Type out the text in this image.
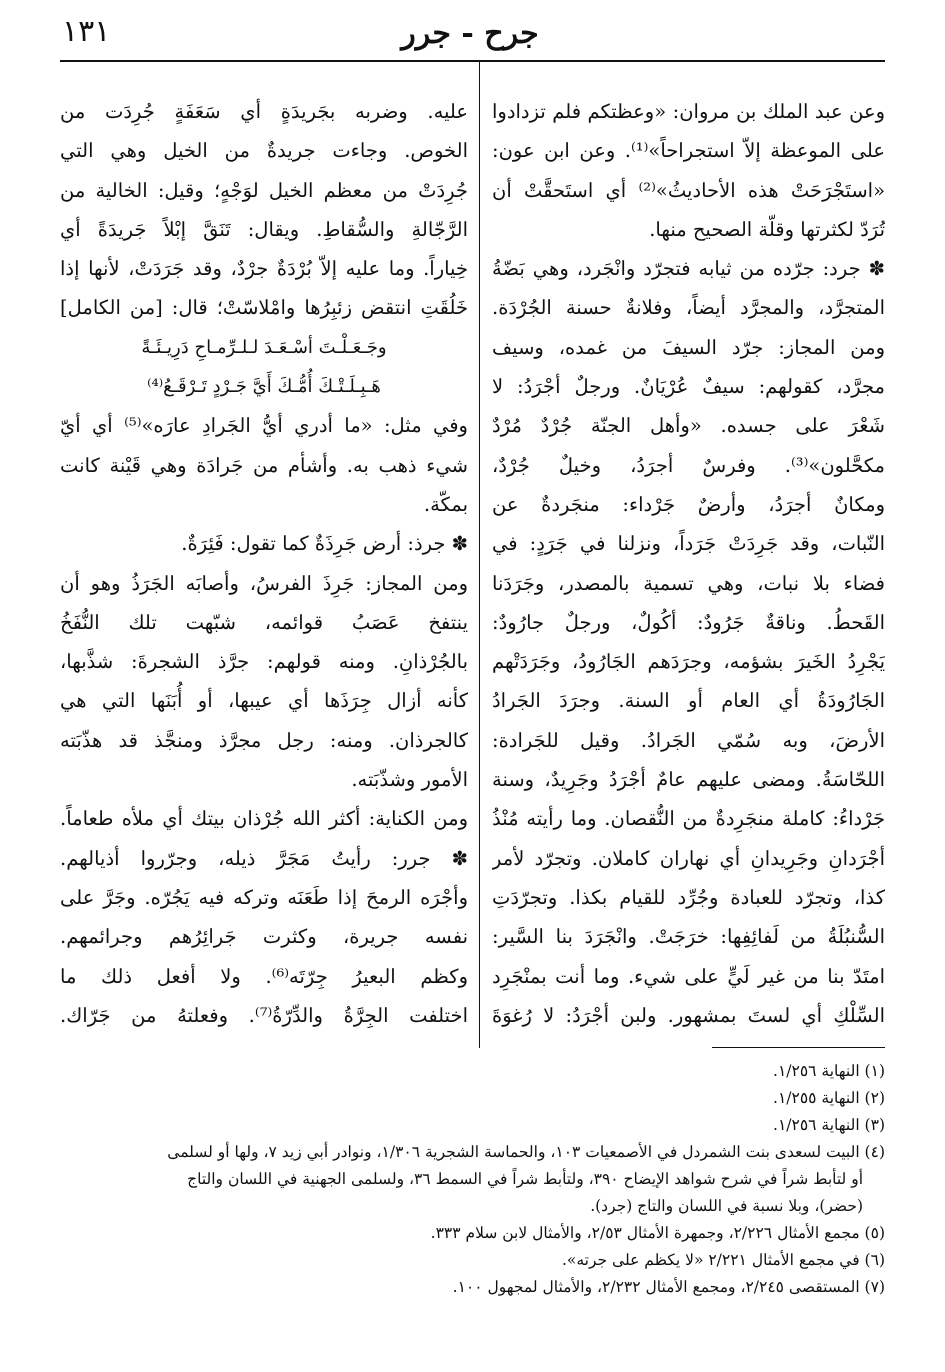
١٣١	جرح - جرر

وعن عبد الملك بن مروان: «وعظتكم فلم تزدادوا

على الموعظة إلاّ استجراحاً»⁽¹⁾. وعن ابن عون:

«استَجْرَحَتْ هذه الأحاديثُ»⁽²⁾ أي استَحقَّتْ أن

تُرَدّ لكثرتها وقلّة الصحيح منها.

✽ جرد: جرّده من ثيابه فتجرّد وانْجَرد، وهي بَضّةُ

المتجرَّد، والمجرَّد أيضاً، وفلانةٌ حسنة الجُرْدَة.

ومن المجاز: جرّد السيفَ من غمده، وسيف

مجرَّد، كقولهم: سيفٌ عُرْيَانٌ. ورجلٌ أجْرَدُ: لا

شَعْرَ على جسده. «وأهل الجنّة جُرْدٌ مُرْدٌ

مكحَّلون»⁽³⁾. وفرسٌ أجرَدُ، وخيلٌ جُرْدٌ،

ومكانٌ أجرَدُ، وأرضٌ جَرْداء: منجَردةٌ عن

النّبات، وقد جَرِدَتْ جَرَداً، ونزلنا في جَرَدٍ: في

فضاء بلا نبات، وهي تسمية بالمصدر، وجَرَدَنا

القَحطُ. وناقةٌ جَرُودٌ: أكُولٌ، ورجلٌ جارُودٌ:

يَجْرِدُ الخَيرَ بشؤمه، وجرَدَهم الجَارُودُ، وجَرَدَتْهم

الجَارُودَةُ أي العام أو السنة. وجرَدَ الجَرادُ

الأرضَ، وبه سُمّي الجَرادُ. وقيل للجَرادة:

اللحّاسَةُ. ومضى عليهم عامٌ أجْرَدُ وجَرِيدٌ، وسنة

جَرْداءُ: كاملة منجَرِدةٌ من النُّقصان. وما رأيته مُنْذُ

أجْرَدانِ وجَرِيدانِ أي نهاران كاملان. وتجرّد لأمر

كذا، وتجرّد للعبادة وجُرِّد للقيام بكذا. وتجرّدَتِ

السُّنبُلَةُ من لَفائِفِها: خرَجَتْ. وانْجَرَدَ بنا السَّير:

امتَدّ بنا من غير لَيٍّ على شيء. وما أنت بمنْجَرِد

السِّلْكِ أي لستَ بمشهور. ولبن أجْرَدُ: لا رُغوَةَ

عليه. وضربه بجَريدَةٍ أي سَعَفَةٍ جُرِدَت من

الخوص. وجاءت جريدةٌ من الخيل وهي التي

جُرِدَتْ من معظم الخيل لوَجْهٍ؛ وقيل: الخالية من

الرَّجّالةِ والسُّقاطِ. ويقال: تَنَقَّ إبْلاً جَريدَةً أي

خِياراً. وما عليه إلاّ بُرْدَةٌ جرْدٌ، وقد جَرَدَتْ، لأنها إذا

خَلُقَتِ انتقض زئبِرُها وامْلاسّتْ؛ قال: [من الكامل]

وجَـعَـلْـتَ أسْـعَـدَ لـلـرِّمـاحِ دَرِيـئَـةً

هَـبِـلَـتْـكَ أُمُّـكَ أَيَّ جَـرْدٍ تَـرْقَـعُ⁽⁴⁾

وفي مثل: «ما أدري أيُّ الجَرادِ عارَه»⁽⁵⁾ أي أيّ

شيء ذهب به. وأشأم من جَرادَة وهي قَيْنة كانت

بمكّة.

✽ جرذ: أرض جَرِذَةٌ كما تقول: فَئِرَةٌ.

ومن المجاز: جَرِذَ الفرسُ، وأصابَه الجَرَذُ وهو أن

ينتفخ عَصَبُ قوائمه، شبّهت تلك النُّفَخُ

بالجُرْذانِ. ومنه قولهم: جرَّذ الشجرةَ: شذَّبها،

كأنه أزال جِرَذَها أي عيبها، أو أُبَنَها التي هي

كالجرذان. ومنه: رجل مجرَّذ ومنجَّذ قد هذّبَته

الأمور وشذّبَته.

ومن الكناية: أكثر الله جُرْذان بيتك أي ملأه طعاماً.

✽ جرر: رأيتُ مَجَرَّ ذيله، وجرّروا أذيالهم.

وأجْرَه الرمحَ إذا طَعَنَه وتركه فيه يَجُرّه. وجَرَّ على

نفسه جريرة، وكثرت جَرائِرُهم وجرائمهم.

وكظم البعيرُ جِرّتَه⁽⁶⁾. ولا أفعل ذلك ما

اختلفت الجِرَّةُ والدِّرّةُ⁽⁷⁾. وفعلتهُ من جَرّاك.

(١) النهاية ١/٢٥٦.
(٢) النهاية ١/٢٥٥.
(٣) النهاية ١/٢٥٦.
(٤) البيت لسعدى بنت الشمردل في الأصمعيات ١٠٣، والحماسة الشجرية ١/٣٠٦، ونوادر أبي زيد ٧، ولها أو لسلمى
أو لتأبط شراً في شرح شواهد الإيضاح ٣٩٠، ولتأبط شراً في السمط ٣٦، ولسلمى الجهنية في اللسان والتاج
(حضر)، وبلا نسبة في اللسان والتاج (جرد).
(٥) مجمع الأمثال ٢/٢٢٦، وجمهرة الأمثال ٢/٥٣، والأمثال لابن سلام ٣٣٣.
(٦) في مجمع الأمثال ٢/٢٢١ «لا يكظم على جرته».
(٧) المستقصى ٢/٢٤٥، ومجمع الأمثال ٢/٢٣٢، والأمثال لمجهول ١٠٠.
